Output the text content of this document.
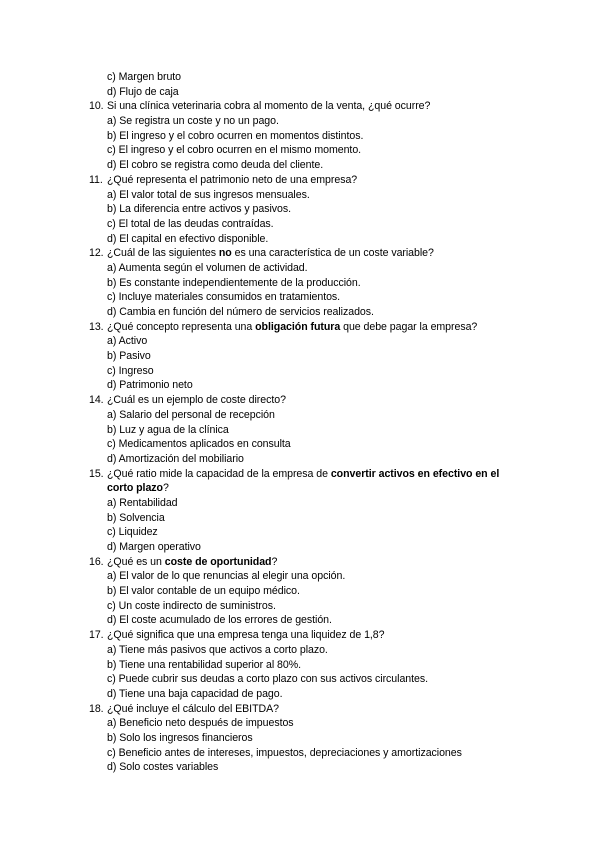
c) Margen bruto
d) Flujo de caja
10. Si una clínica veterinaria cobra al momento de la venta, ¿qué ocurre?
a) Se registra un coste y no un pago.
b) El ingreso y el cobro ocurren en momentos distintos.
c) El ingreso y el cobro ocurren en el mismo momento.
d) El cobro se registra como deuda del cliente.
11. ¿Qué representa el patrimonio neto de una empresa?
a) El valor total de sus ingresos mensuales.
b) La diferencia entre activos y pasivos.
c) El total de las deudas contraídas.
d) El capital en efectivo disponible.
12. ¿Cuál de las siguientes no es una característica de un coste variable?
a) Aumenta según el volumen de actividad.
b) Es constante independientemente de la producción.
c) Incluye materiales consumidos en tratamientos.
d) Cambia en función del número de servicios realizados.
13. ¿Qué concepto representa una obligación futura que debe pagar la empresa?
a) Activo
b) Pasivo
c) Ingreso
d) Patrimonio neto
14. ¿Cuál es un ejemplo de coste directo?
a) Salario del personal de recepción
b) Luz y agua de la clínica
c) Medicamentos aplicados en consulta
d) Amortización del mobiliario
15. ¿Qué ratio mide la capacidad de la empresa de convertir activos en efectivo en el
corto plazo?
a) Rentabilidad
b) Solvencia
c) Liquidez
d) Margen operativo
16. ¿Qué es un coste de oportunidad?
a) El valor de lo que renuncias al elegir una opción.
b) El valor contable de un equipo médico.
c) Un coste indirecto de suministros.
d) El coste acumulado de los errores de gestión.
17. ¿Qué significa que una empresa tenga una liquidez de 1,8?
a) Tiene más pasivos que activos a corto plazo.
b) Tiene una rentabilidad superior al 80%.
c) Puede cubrir sus deudas a corto plazo con sus activos circulantes.
d) Tiene una baja capacidad de pago.
18. ¿Qué incluye el cálculo del EBITDA?
a) Beneficio neto después de impuestos
b) Solo los ingresos financieros
c) Beneficio antes de intereses, impuestos, depreciaciones y amortizaciones
d) Solo costes variables
